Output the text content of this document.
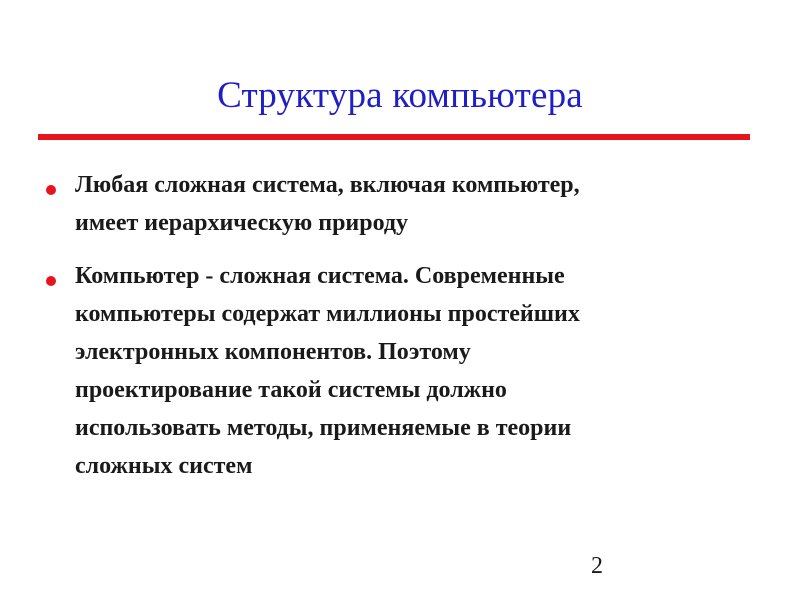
Структура компьютера
Любая сложная система, включая компьютер,
имеет иерархическую природу
Компьютер - сложная система. Современные
компьютеры содержат миллионы простейших
электронных компонентов. Поэтому
проектирование такой системы должно
использовать методы, применяемые в теории
сложных систем
2
